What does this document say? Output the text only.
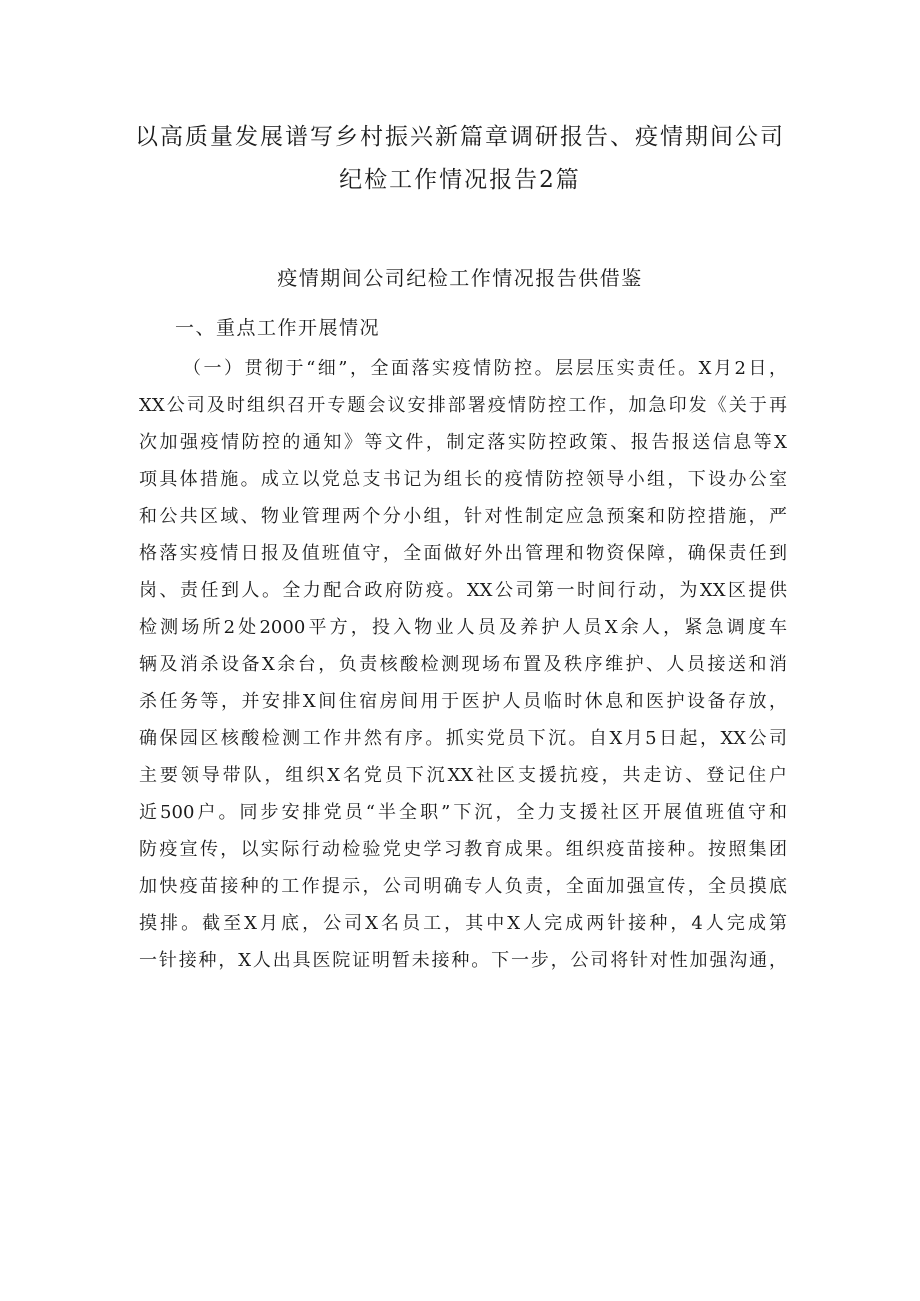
以高质量发展谱写乡村振兴新篇章调研报告、疫情期间公司
纪检工作情况报告2篇
疫情期间公司纪检工作情况报告供借鉴
一、重点工作开展情况
（一）贯彻于“细”，全面落实疫情防控。层层压实责任。X月2日，
XX公司及时组织召开专题会议安排部署疫情防控工作，加急印发《关于再
次加强疫情防控的通知》等文件，制定落实防控政策、报告报送信息等X
项具体措施。成立以党总支书记为组长的疫情防控领导小组，下设办公室
和公共区域、物业管理两个分小组，针对性制定应急预案和防控措施，严
格落实疫情日报及值班值守，全面做好外出管理和物资保障，确保责任到
岗、责任到人。全力配合政府防疫。XX公司第一时间行动，为XX区提供
检测场所2处2000平方，投入物业人员及养护人员X余人，紧急调度车
辆及消杀设备X余台，负责核酸检测现场布置及秩序维护、人员接送和消
杀任务等，并安排X间住宿房间用于医护人员临时休息和医护设备存放，
确保园区核酸检测工作井然有序。抓实党员下沉。自X月5日起，XX公司
主要领导带队，组织X名党员下沉XX社区支援抗疫，共走访、登记住户
近500户。同步安排党员“半全职”下沉，全力支援社区开展值班值守和
防疫宣传，以实际行动检验党史学习教育成果。组织疫苗接种。按照集团
加快疫苗接种的工作提示，公司明确专人负责，全面加强宣传，全员摸底
摸排。截至X月底，公司X名员工，其中X人完成两针接种，4人完成第
一针接种，X人出具医院证明暂未接种。下一步，公司将针对性加强沟通，
